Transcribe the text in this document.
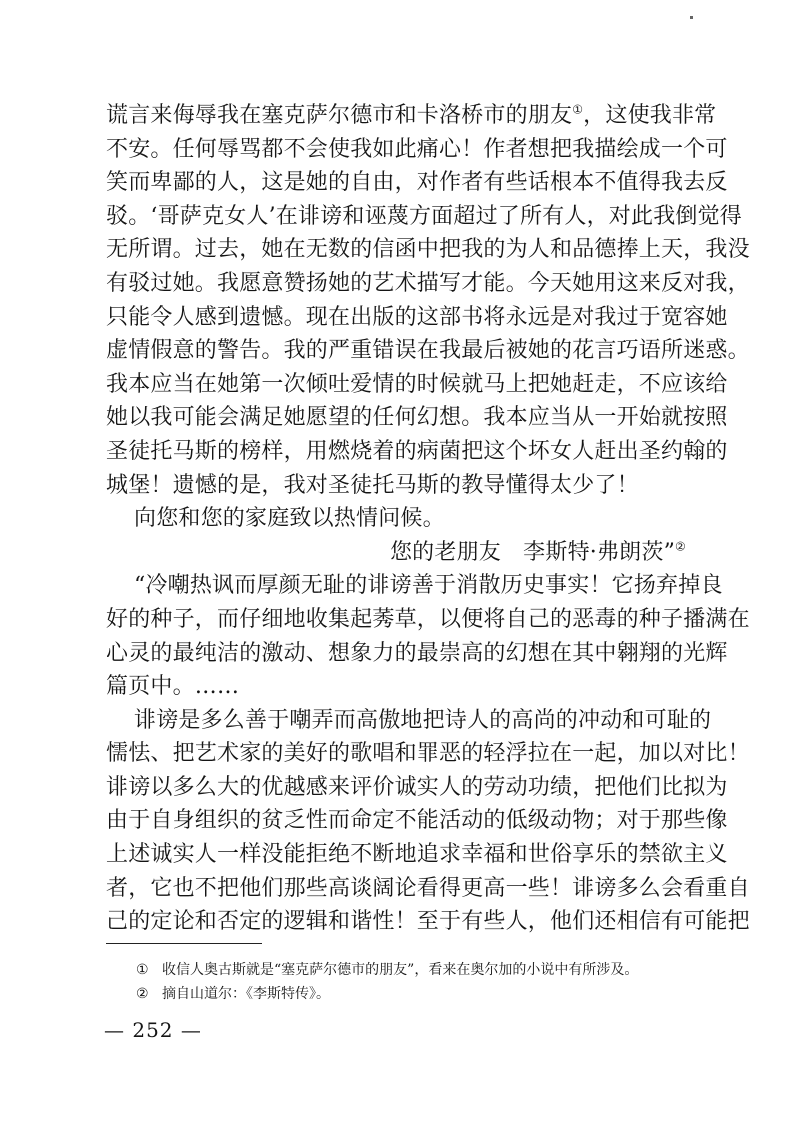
谎言来侮辱我在塞克萨尔德市和卡洛桥市的朋友①，这使我非常
不安。任何辱骂都不会使我如此痛心！作者想把我描绘成一个可
笑而卑鄙的人，这是她的自由，对作者有些话根本不值得我去反
驳。‘哥萨克女人’在诽谤和诬蔑方面超过了所有人，对此我倒觉得
无所谓。过去，她在无数的信函中把我的为人和品德捧上天，我没
有驳过她。我愿意赞扬她的艺术描写才能。今天她用这来反对我，
只能令人感到遗憾。现在出版的这部书将永远是对我过于宽容她
虚情假意的警告。我的严重错误在我最后被她的花言巧语所迷惑。
我本应当在她第一次倾吐爱情的时候就马上把她赶走，不应该给
她以我可能会满足她愿望的任何幻想。我本应当从一开始就按照
圣徒托马斯的榜样，用燃烧着的病菌把这个坏女人赶出圣约翰的
城堡！遗憾的是，我对圣徒托马斯的教导懂得太少了！
向您和您的家庭致以热情问候。
您的老朋友　李斯特·弗朗茨”②
“冷嘲热讽而厚颜无耻的诽谤善于消散历史事实！它扬弃掉良
好的种子，而仔细地收集起莠草，以便将自己的恶毒的种子播满在
心灵的最纯洁的激动、想象力的最崇高的幻想在其中翱翔的光辉
篇页中。……
诽谤是多么善于嘲弄而高傲地把诗人的高尚的冲动和可耻的
懦怯、把艺术家的美好的歌唱和罪恶的轻浮拉在一起，加以对比！
诽谤以多么大的优越感来评价诚实人的劳动功绩，把他们比拟为
由于自身组织的贫乏性而命定不能活动的低级动物；对于那些像
上述诚实人一样没能拒绝不断地追求幸福和世俗享乐的禁欲主义
者，它也不把他们那些高谈阔论看得更高一些！诽谤多么会看重自
己的定论和否定的逻辑和谐性！至于有些人，他们还相信有可能把
① 收信人奥古斯就是“塞克萨尔德市的朋友”，看来在奥尔加的小说中有所涉及。
② 摘自山道尔：《李斯特传》。
— 252 —
